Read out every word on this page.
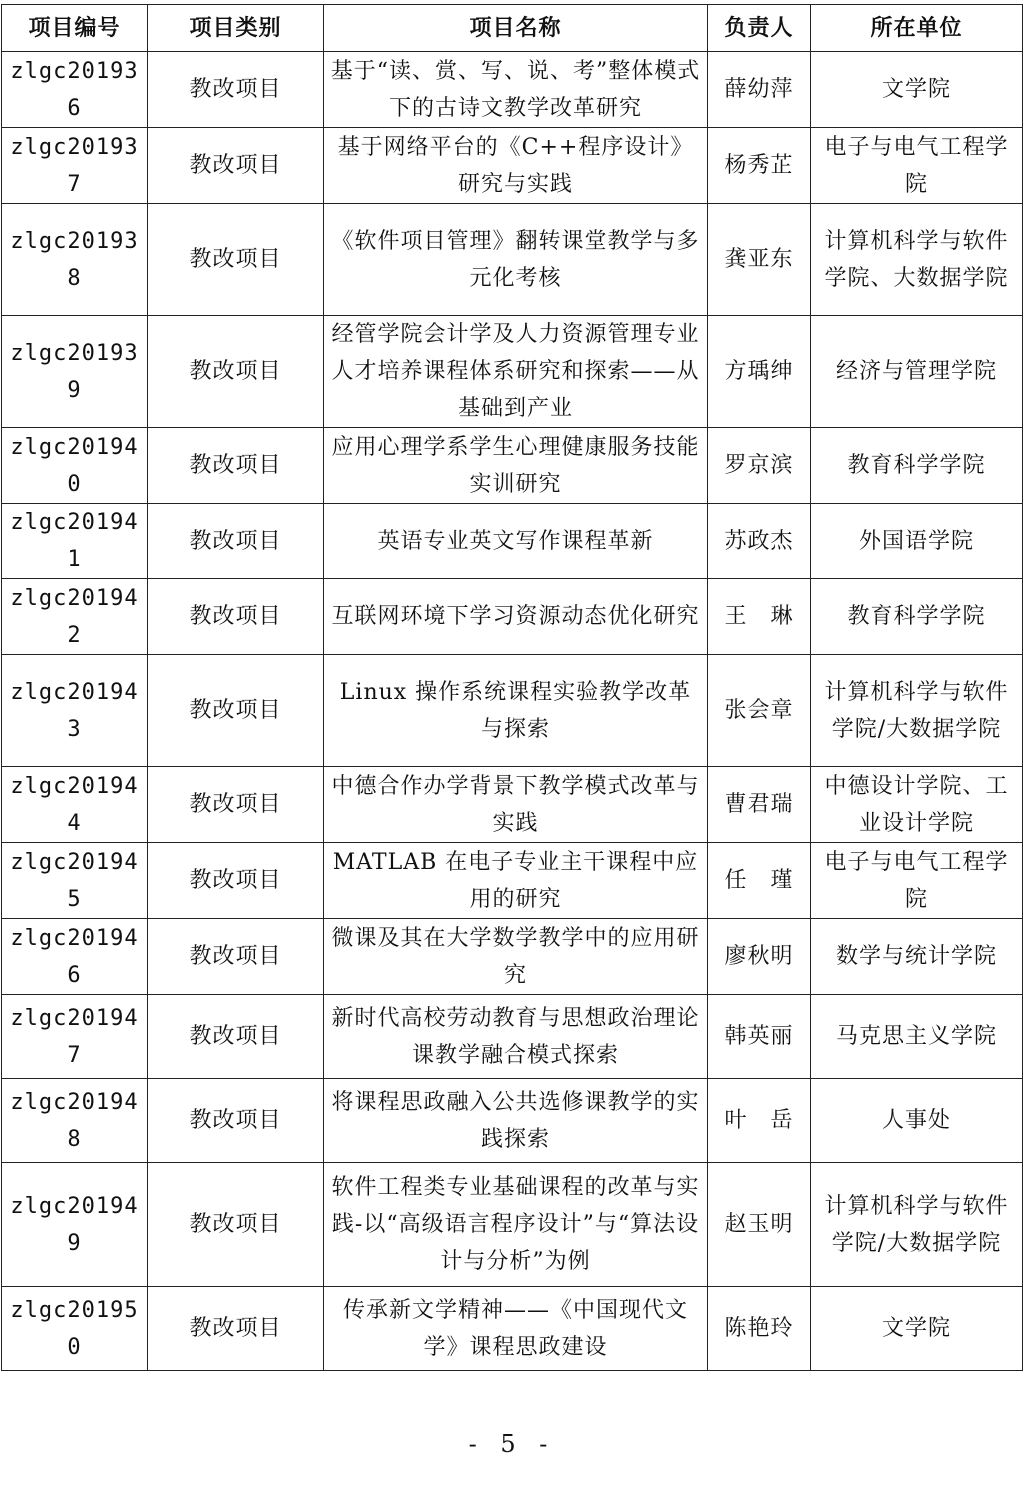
项目编号	项目类别	项目名称	负责人	所在单位
zlgc201936	教改项目	基于“读、赏、写、说、考”整体模式下的古诗文教学改革研究	薛幼萍	文学院
zlgc201937	教改项目	基于网络平台的《C++程序设计》研究与实践	杨秀芷	电子与电气工程学院
zlgc201938	教改项目	《软件项目管理》翻转课堂教学与多元化考核	龚亚东	计算机科学与软件学院、大数据学院
zlgc201939	教改项目	经管学院会计学及人力资源管理专业人才培养课程体系研究和探索——从基础到产业	方瑀绅	经济与管理学院
zlgc201940	教改项目	应用心理学系学生心理健康服务技能实训研究	罗京滨	教育科学学院
zlgc201941	教改项目	英语专业英文写作课程革新	苏政杰	外国语学院
zlgc201942	教改项目	互联网环境下学习资源动态优化研究	王　琳	教育科学学院
zlgc201943	教改项目	Linux 操作系统课程实验教学改革与探索	张会章	计算机科学与软件学院/大数据学院
zlgc201944	教改项目	中德合作办学背景下教学模式改革与实践	曹君瑞	中德设计学院、工业设计学院
zlgc201945	教改项目	MATLAB 在电子专业主干课程中应用的研究	任　瑾	电子与电气工程学院
zlgc201946	教改项目	微课及其在大学数学教学中的应用研究	廖秋明	数学与统计学院
zlgc201947	教改项目	新时代高校劳动教育与思想政治理论课教学融合模式探索	韩英丽	马克思主义学院
zlgc201948	教改项目	将课程思政融入公共选修课教学的实践探索	叶　岳	人事处
zlgc201949	教改项目	软件工程类专业基础课程的改革与实践-以“高级语言程序设计”与“算法设计与分析”为例	赵玉明	计算机科学与软件学院/大数据学院
zlgc201950	教改项目	传承新文学精神——《中国现代文学》课程思政建设	陈艳玲	文学院
- 5 -
